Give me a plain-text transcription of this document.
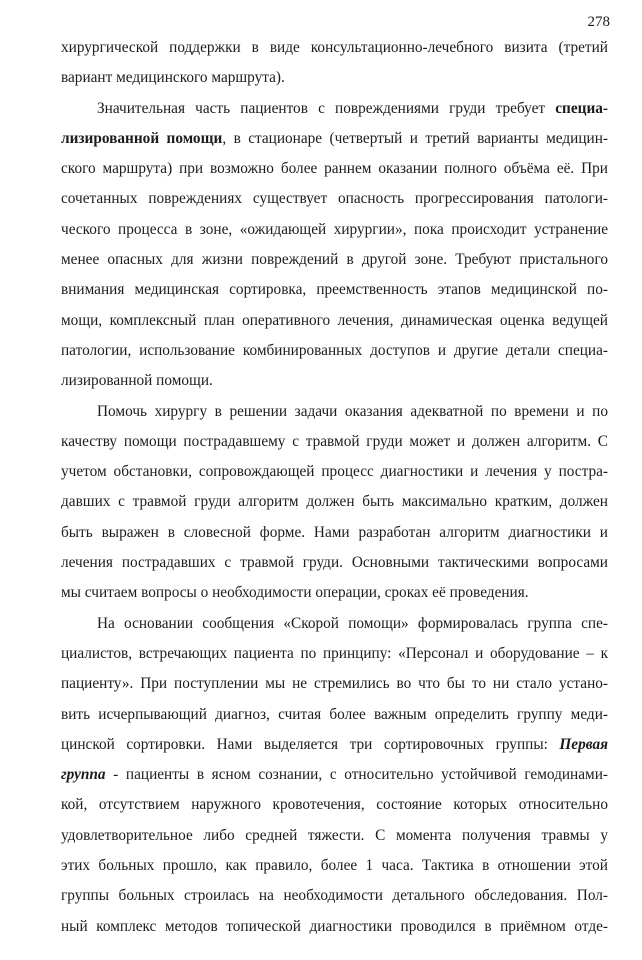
278
хирургической поддержки в виде консультационно-лечебного визита (третий
вариант медицинского маршрута).
Значительная часть пациентов с повреждениями груди требует специа-
лизированной помощи, в стационаре (четвертый и третий варианты медицин-
ского маршрута) при возможно более раннем оказании полного объёма её. При
сочетанных повреждениях существует опасность прогрессирования патологи-
ческого процесса в зоне, «ожидающей хирургии», пока происходит устранение
менее опасных для жизни повреждений в другой зоне. Требуют пристального
внимания медицинская сортировка, преемственность этапов медицинской по-
мощи, комплексный план оперативного лечения, динамическая оценка ведущей
патологии, использование комбинированных доступов и другие детали специа-
лизированной помощи.
Помочь хирургу в решении задачи оказания адекватной по времени и по
качеству помощи пострадавшему с травмой груди может и должен алгоритм. С
учетом обстановки, сопровождающей процесс диагностики и лечения у постра-
давших с травмой груди алгоритм должен быть максимально кратким, должен
быть выражен в словесной форме. Нами разработан алгоритм диагностики и
лечения пострадавших с травмой груди. Основными тактическими вопросами
мы считаем вопросы о необходимости операции, сроках её проведения.
На основании сообщения «Скорой помощи» формировалась группа спе-
циалистов, встречающих пациента по принципу: «Персонал и оборудование – к
пациенту». При поступлении мы не стремились во что бы то ни стало устано-
вить исчерпывающий диагноз, считая более важным определить группу меди-
цинской сортировки. Нами выделяется три сортировочных группы: Первая
группа - пациенты в ясном сознании, с относительно устойчивой гемодинами-
кой, отсутствием наружного кровотечения, состояние которых относительно
удовлетворительное либо средней тяжести. С момента получения травмы у
этих больных прошло, как правило, более 1 часа. Тактика в отношении этой
группы больных строилась на необходимости детального обследования. Пол-
ный комплекс методов топической диагностики проводился в приёмном отде-
